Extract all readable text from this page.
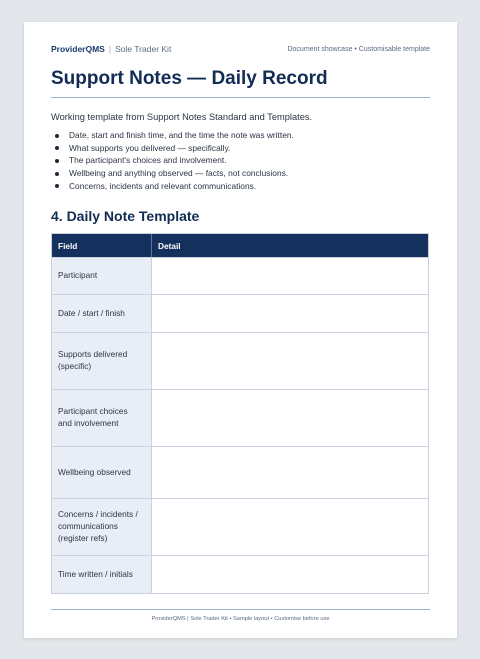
ProviderQMS | Sole Trader Kit	Document showcase • Customisable template
Support Notes — Daily Record

Working template from Support Notes Standard and Templates.

Date, start and finish time, and the time the note was written.
What supports you delivered — specifically.
The participant's choices and involvement.
Wellbeing and anything observed — facts, not conclusions.
Concerns, incidents and relevant communications.
4. Daily Note Template
Field	Detail
Participant
Date / start / finish
Supports delivered
(specific)
Participant choices
and involvement
Wellbeing observed
Concerns / incidents /
communications
(register refs)
Time written / initials
ProviderQMS | Sole Trader Kit • Sample layout • Customise before use
